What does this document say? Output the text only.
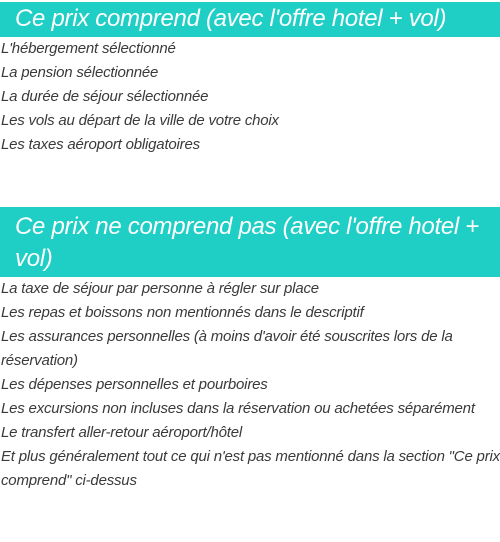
Ce prix comprend (avec l'offre hotel + vol)
L'hébergement sélectionné
La pension sélectionnée
La durée de séjour sélectionnée
Les vols au départ de la ville de votre choix
Les taxes aéroport obligatoires
Ce prix ne comprend pas (avec l'offre hotel + vol)
La taxe de séjour par personne à régler sur place
Les repas et boissons non mentionnés dans le descriptif
Les assurances personnelles (à moins d'avoir été souscrites lors de la réservation)
Les dépenses personnelles et pourboires
Les excursions non incluses dans la réservation ou achetées séparément
Le transfert aller-retour aéroport/hôtel
Et plus généralement tout ce qui n'est pas mentionné dans la section "Ce prix comprend" ci-dessus
